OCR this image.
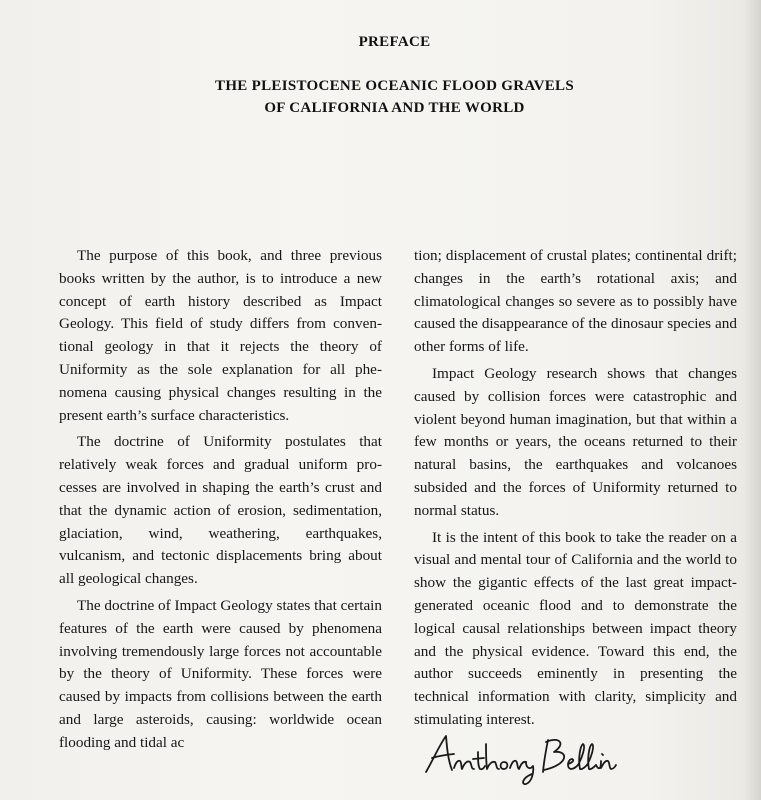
PREFACE
THE PLEISTOCENE OCEANIC FLOOD GRAVELS
OF CALIFORNIA AND THE WORLD

The purpose of this book, and three previous books written by the author, is to introduce a new concept of earth history described as Impact Geology. This field of study differs from conventional geology in that it rejects the theory of Uniformity as the sole explanation for all phenomena causing physical changes resulting in the present earth’s surface characteristics.

The doctrine of Uniformity postulates that relatively weak forces and gradual uniform processes are involved in shaping the earth’s crust and that the dynamic action of erosion, sedimentation, glaciation, wind, weathering, earthquakes, vulcanism, and tectonic displacements bring about all geological changes.

The doctrine of Impact Geology states that certain features of the earth were caused by phenomena involving tremendously large forces not accountable by the theory of Uniformity. These forces were caused by impacts from collisions between the earth and large asteroids, causing: worldwide ocean flooding and tidal ac

tion; displacement of crustal plates; continental drift; changes in the earth’s rotational axis; and climatological changes so severe as to possibly have caused the disappearance of the dinosaur species and other forms of life.

Impact Geology research shows that changes caused by collision forces were catastrophic and violent beyond human imagination, but that within a few months or years, the oceans returned to their natural basins, the earthquakes and volcanoes subsided and the forces of Uniformity returned to normal status.

It is the intent of this book to take the reader on a visual and mental tour of California and the world to show the gigantic effects of the last great impact-generated oceanic flood and to demonstrate the logical causal relationships between impact theory and the physical evidence. Toward this end, the author succeeds eminently in presenting the technical information with clarity, simplicity and stimulating interest.
